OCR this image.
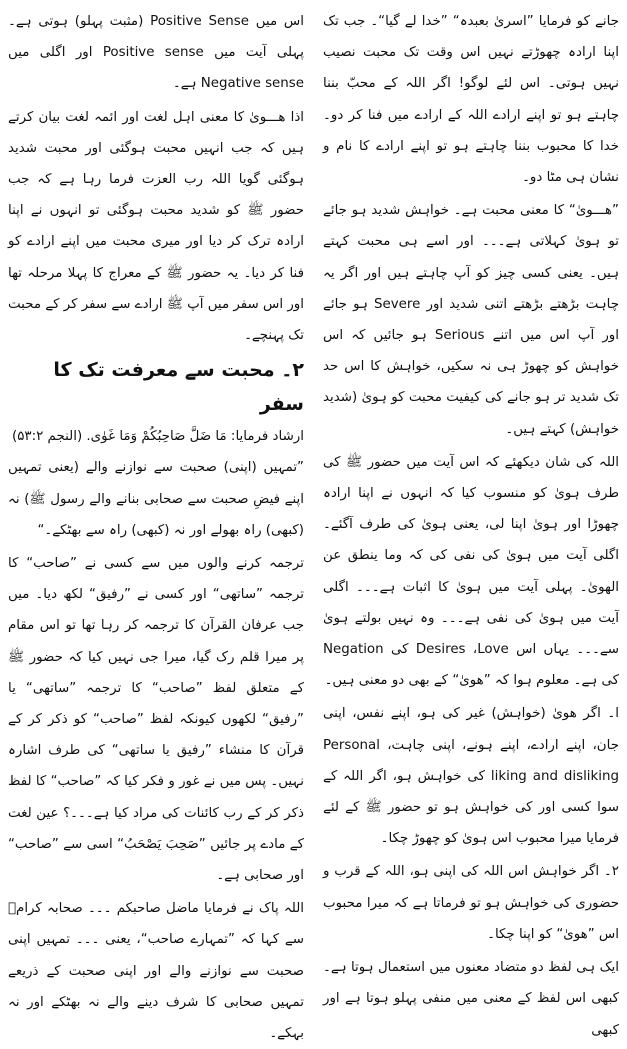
اس میں Positive Sense (مثبت پہلو) ہوتی ہے۔ پہلی آیت میں Positive sense اور اگلی میں Negative sense ہے۔

اذا ھـــوىٰ کا معنی اہل لغت اور ائمہ لغت بیان کرتے ہیں کہ جب انہیں محبت ہوگئی اور محبت شدید ہوگئی گویا اللہ رب العزت فرما رہا ہے کہ جب حضور ﷺ کو شدید محبت ہوگئی تو انہوں نے اپنا ارادہ ترک کر دیا اور میری محبت میں اپنے ارادے کو فنا کر دیا۔ یہ حضور ﷺ کے معراج کا پہلا مرحلہ تھا اور اس سفر میں آپ ﷺ ارادے سے سفر کر کے محبت تک پہنچے۔

۲۔ محبت سے معرفت تک کا سفر

ارشاد فرمایا: مَا ضَلَّ صَاحِبُكُمْ وَمَا غَوٰى. (النجم ۵۳:۲)

”تمہیں (اپنی) صحبت سے نوازنے والے (یعنی تمہیں اپنے فیضِ صحبت سے صحابی بنانے والے رسول ﷺ) نہ (کبھی) راہ بھولے اور نہ (کبھی) راہ سے بھٹکے۔“

ترجمہ کرنے والوں میں سے کسی نے ”صاحب“ کا ترجمہ ”ساتھی“ اور کسی نے ”رفیق“ لکھ دیا۔ میں جب عرفان القرآن کا ترجمہ کر رہا تھا تو اس مقام پر میرا قلم رک گیا، میرا جی نہیں کیا کہ حضور ﷺ کے متعلق لفظ ”صاحب“ کا ترجمہ ”ساتھی“ یا ”رفیق“ لکھوں کیونکہ لفظ ”صاحب“ کو ذکر کر کے قرآن کا منشاء ”رفیق یا ساتھی“ کی طرف اشارہ نہیں۔ پس میں نے غور و فکر کیا کہ ”صاحب“ کا لفظ ذکر کر کے رب کائنات کی مراد کیا ہے۔۔۔؟ عین لغت کے مادے پر جائیں ”صَحِبَ یَصْحَبُ“ اسی سے ”صاحب“ اور صحابی ہے۔

اللہ پاک نے فرمایا ماضل صاحبکم ۔۔۔ صحابہ کرامؓ سے کہا کہ ”تمہارے صاحب“، یعنی ۔۔۔ تمہیں اپنی صحبت سے نوازنے والے اور اپنی صحبت کے ذریعے تمہیں صحابی کا شرف دینے والے نہ بھٹکے اور نہ بہکے۔

جانے کو فرمایا ”اسریٰ بعبدہ“ ”خدا لے گیا“۔ جب تک اپنا ارادہ چھوڑتے نہیں اس وقت تک محبت نصیب نہیں ہوتی۔ اس لئے لوگو! اگر اللہ کے محبّ بننا چاہتے ہو تو اپنے ارادے اللہ کے ارادے میں فنا کر دو۔ خدا کا محبوب بننا چاہتے ہو تو اپنے ارادے کا نام و نشان ہی مٹا دو۔

”ھـــوىٰ“ کا معنی محبت ہے۔ خواہش شدید ہو جائے تو ہویٰ کہلاتی ہے۔۔۔ اور اسے ہی محبت کہتے ہیں۔ یعنی کسی چیز کو آپ چاہتے ہیں اور اگر یہ چاہت بڑھتے بڑھتے اتنی شدید اور Severe ہو جائے اور آپ اس میں اتنے Serious ہو جائیں کہ اس خواہش کو چھوڑ ہی نہ سکیں، خواہش کا اس حد تک شدید تر ہو جانے کی کیفیت محبت کو ہویٰ (شدید خواہش) کہتے ہیں۔

اللہ کی شان دیکھئے کہ اس آیت میں حضور ﷺ کی طرف ہویٰ کو منسوب کیا کہ انہوں نے اپنا ارادہ چھوڑا اور ہویٰ اپنا لی، یعنی ہویٰ کی طرف آگئے۔ اگلی آیت میں ہویٰ کی نفی کی کہ وما ینطق عن الھویٰ۔ پہلی آیت میں ہویٰ کا اثبات ہے۔۔۔ اگلی آیت میں ہویٰ کی نفی ہے۔۔۔ وہ نہیں بولتے ہویٰ سے۔۔۔ یہاں اس Desires ،Love کی Negation کی ہے۔ معلوم ہوا کہ ”ھویٰ“ کے بھی دو معنی ہیں۔

ا۔ اگر ھویٰ (خواہش) غیر کی ہو، اپنے نفس، اپنی جان، اپنے ارادے، اپنے ہونے، اپنی چاہت، Personal liking and disliking کی خواہش ہو، اگر اللہ کے سوا کسی اور کی خواہش ہو تو حضور ﷺ کے لئے فرمایا میرا محبوب اس ہویٰ کو چھوڑ چکا۔

۲۔ اگر خواہش اس اللہ کی اپنی ہو، اللہ کے قرب و حضوری کی خواہش ہو تو فرماتا ہے کہ میرا محبوب اس ”ھویٰ“ کو اپنا چکا۔

ایک ہی لفظ دو متضاد معنوں میں استعمال ہوتا ہے۔ کبھی اس لفظ کے معنی میں منفی پہلو ہوتا ہے اور کبھی
